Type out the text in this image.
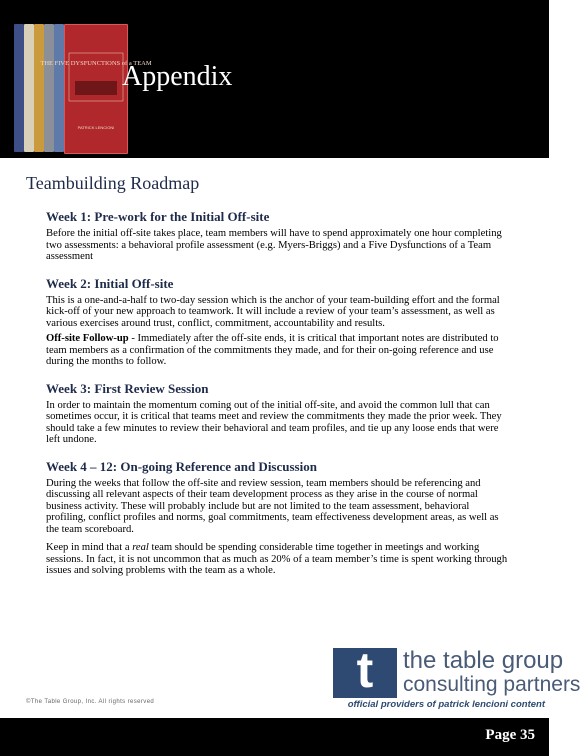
THE FIVE DYSFUNCTIONS of a TEAM
PATRICK LENCIONI
Appendix
Teambuilding Roadmap
Week 1: Pre-work for the Initial Off-site

Before the initial off-site takes place, team members will have to spend approximately one hour completing two assessments: a behavioral profile assessment (e.g. Myers-Briggs) and a Five Dysfunctions of a Team assessment

Week 2: Initial Off-site

This is a one-and-a-half to two-day session which is the anchor of your team-building effort and the formal kick-off of your new approach to teamwork. It will include a review of your team’s assessment, as well as various exercises around trust, conflict, commitment, accountability and results.

Off-site Follow-up - Immediately after the off-site ends, it is critical that important notes are distributed to team members as a confirmation of the commitments they made, and for their on-going reference and use during the months to follow.

Week 3: First Review Session

In order to maintain the momentum coming out of the initial off-site, and avoid the common lull that can sometimes occur, it is critical that teams meet and review the commitments they made the prior week. They should take a few minutes to review their behavioral and team profiles, and tie up any loose ends that were left undone.

Week 4 – 12: On-going Reference and Discussion

During the weeks that follow the off-site and review session, team members should be referencing and discussing all relevant aspects of their team development process as they arise in the course of normal business activity. These will probably include but are not limited to the team assessment, behavioral profiling, conflict profiles and norms, goal commitments, team effectiveness development areas, as well as the team scoreboard.

Keep in mind that a real team should be spending considerable time together in meetings and working sessions. In fact, it is not uncommon that as much as 20% of a team member’s time is spent working through issues and solving problems with the team as a whole.

t	the table group
consulting partners
official providers of patrick lencioni content
©The Table Group, Inc. All rights reserved
Page 35
